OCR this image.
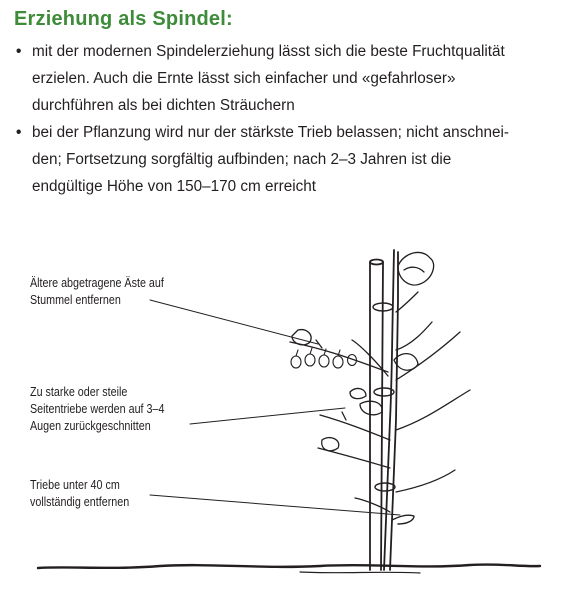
Erziehung als Spindel:
• mit der modernen Spindelerziehung lässt sich die beste Fruchtqualität
erzielen. Auch die Ernte lässt sich einfacher und «gefahrloser»
durchführen als bei dichten Sträuchern
• bei der Pflanzung wird nur der stärkste Trieb belassen; nicht anschnei-
den; Fortsetzung sorgfältig aufbinden; nach 2–3 Jahren ist die
endgültige Höhe von 150–170 cm erreicht
Ältere abgetragene Äste auf
Stummel entfernen
Zu starke oder steile
Seitentriebe werden auf 3–4
Augen zurückgeschnitten
Triebe unter 40 cm
vollständig entfernen
